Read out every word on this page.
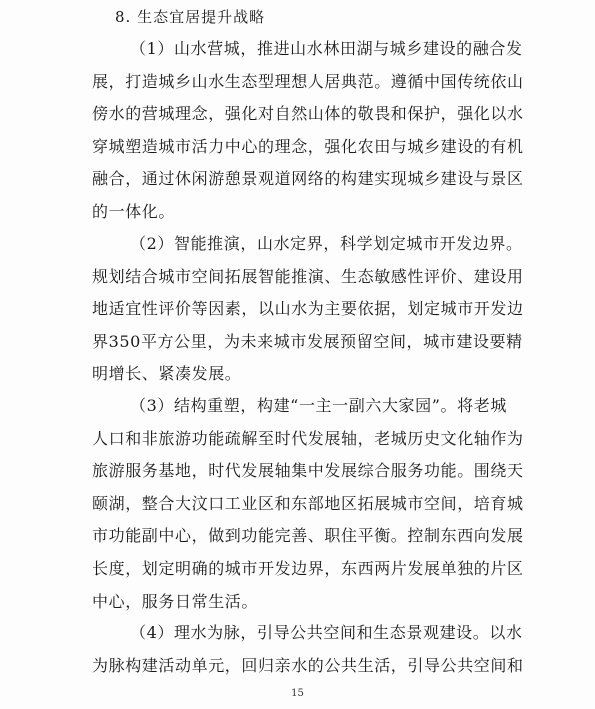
8. 生态宜居提升战略
（1）山水营城，推进山水林田湖与城乡建设的融合发
展，打造城乡山水生态型理想人居典范。遵循中国传统依山
傍水的营城理念，强化对自然山体的敬畏和保护，强化以水
穿城塑造城市活力中心的理念，强化农田与城乡建设的有机
融合，通过休闲游憩景观道网络的构建实现城乡建设与景区
的一体化。
（2）智能推演，山水定界，科学划定城市开发边界。
规划结合城市空间拓展智能推演、生态敏感性评价、建设用
地适宜性评价等因素，以山水为主要依据，划定城市开发边
界350平方公里，为未来城市发展预留空间，城市建设要精
明增长、紧凑发展。
（3）结构重塑，构建“一主一副六大家园”。将老城
人口和非旅游功能疏解至时代发展轴，老城历史文化轴作为
旅游服务基地，时代发展轴集中发展综合服务功能。围绕天
颐湖，整合大汶口工业区和东部地区拓展城市空间，培育城
市功能副中心，做到功能完善、职住平衡。控制东西向发展
长度，划定明确的城市开发边界，东西两片发展单独的片区
中心，服务日常生活。
（4）理水为脉，引导公共空间和生态景观建设。以水
为脉构建活动单元，回归亲水的公共生活，引导公共空间和
15
